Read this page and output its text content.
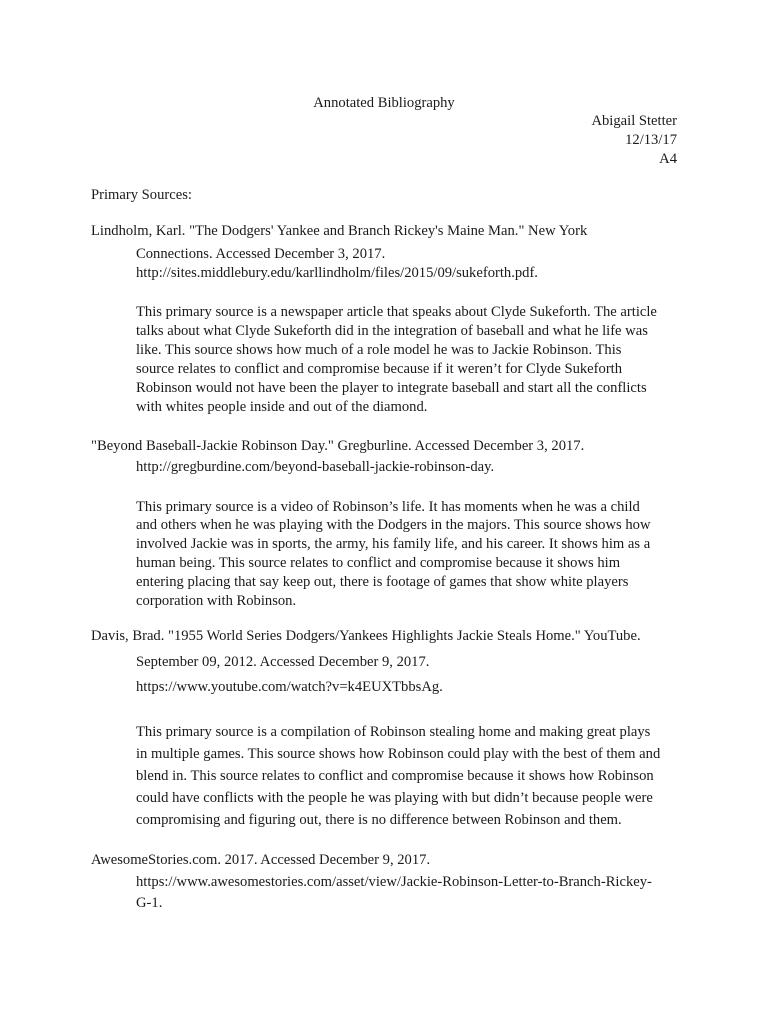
Annotated Bibliography
Abigail Stetter
12/13/17
A4
Primary Sources:
Lindholm, Karl. "The Dodgers' Yankee and Branch Rickey's Maine Man." New York
Connections. Accessed December 3, 2017.
http://sites.middlebury.edu/karllindholm/files/2015/09/sukeforth.pdf.
This primary source is a newspaper article that speaks about Clyde Sukeforth. The article
talks about what Clyde Sukeforth did in the integration of baseball and what he life was
like. This source shows how much of a role model he was to Jackie Robinson. This
source relates to conflict and compromise because if it weren’t for Clyde Sukeforth
Robinson would not have been the player to integrate baseball and start all the conflicts
with whites people inside and out of the diamond.
"Beyond Baseball-Jackie Robinson Day." Gregburline. Accessed December 3, 2017.
http://gregburdine.com/beyond-baseball-jackie-robinson-day.
This primary source is a video of Robinson’s life. It has moments when he was a child
and others when he was playing with the Dodgers in the majors. This source shows how
involved Jackie was in sports, the army, his family life, and his career. It shows him as a
human being. This source relates to conflict and compromise because it shows him
entering placing that say keep out, there is footage of games that show white players
corporation with Robinson.
Davis, Brad. "1955 World Series Dodgers/Yankees Highlights Jackie Steals Home." YouTube.
September 09, 2012. Accessed December 9, 2017.
https://www.youtube.com/watch?v=k4EUXTbbsAg.
This primary source is a compilation of Robinson stealing home and making great plays
in multiple games. This source shows how Robinson could play with the best of them and
blend in. This source relates to conflict and compromise because it shows how Robinson
could have conflicts with the people he was playing with but didn’t because people were
compromising and figuring out, there is no difference between Robinson and them.
AwesomeStories.com. 2017. Accessed December 9, 2017.
https://www.awesomestories.com/asset/view/Jackie-Robinson-Letter-to-Branch-Rickey-
G-1.
